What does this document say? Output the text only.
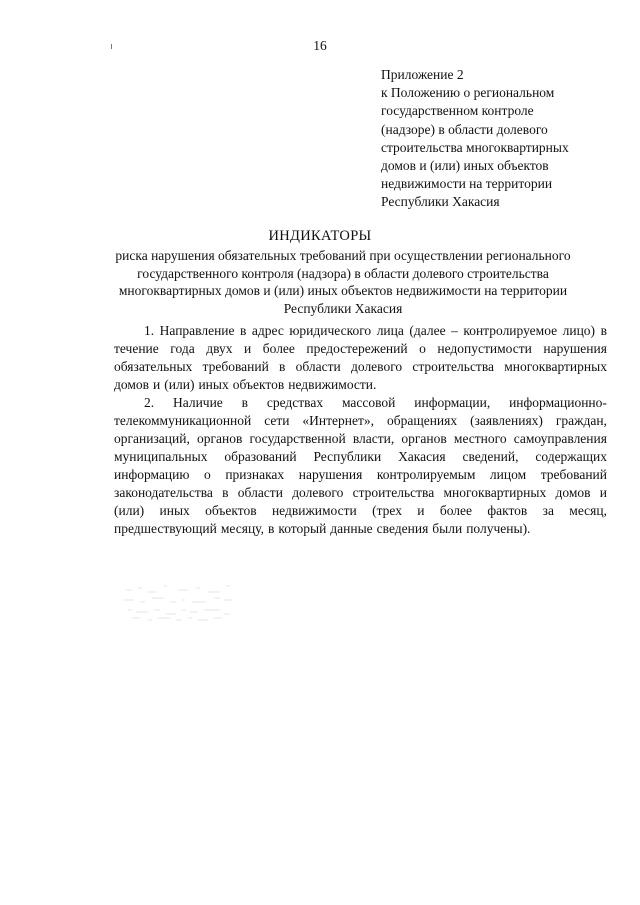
16
Приложение 2
к Положению о региональном
государственном контроле
(надзоре) в области долевого
строительства многоквартирных
домов и (или) иных объектов
недвижимости на территории
Республики Хакасия
ИНДИКАТОРЫ
риска нарушения обязательных требований при осуществлении регионального
государственного контроля (надзора) в области долевого строительства
многоквартирных домов и (или) иных объектов недвижимости на территории
Республики Хакасия
1. Направление в адрес юридического лица (далее – контролируемое лицо) в
течение года двух и более предостережений о недопустимости нарушения
обязательных требований в области долевого строительства многоквартирных
домов и (или) иных объектов недвижимости.
2. Наличие в средствах массовой информации, информационно-
телекоммуникационной сети «Интернет», обращениях (заявлениях) граждан,
организаций, органов государственной власти, органов местного самоуправления
муниципальных образований Республики Хакасия сведений, содержащих
информацию о признаках нарушения контролируемым лицом требований
законодательства в области долевого строительства многоквартирных домов и
(или) иных объектов недвижимости (трех и более фактов за месяц,
предшествующий месяцу, в который данные сведения были получены).
